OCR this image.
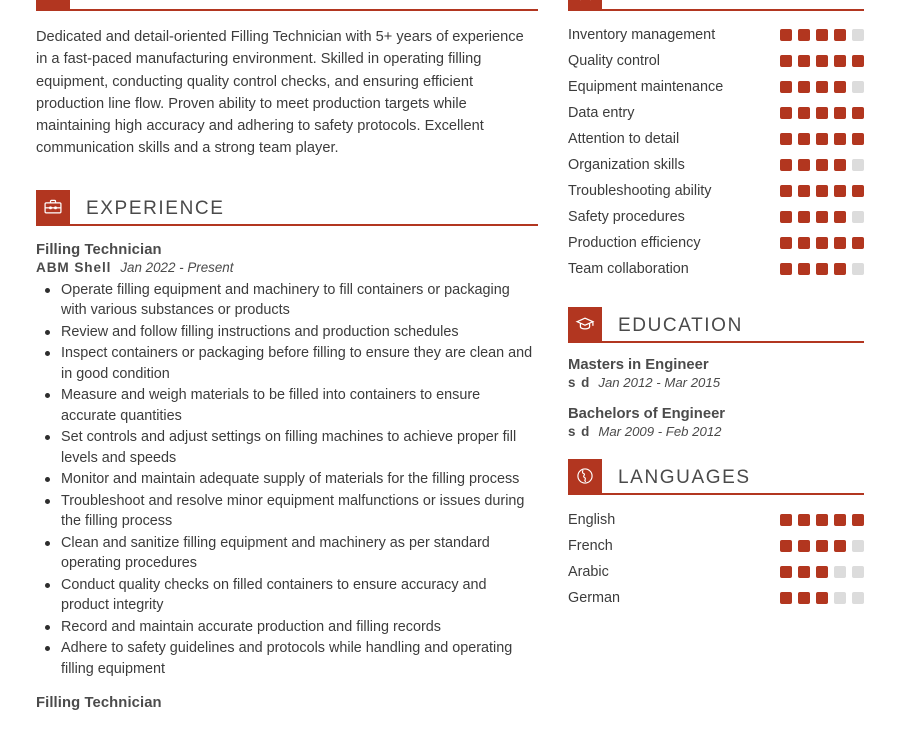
Dedicated and detail-oriented Filling Technician with 5+ years of experience in a fast-paced manufacturing environment. Skilled in operating filling equipment, conducting quality control checks, and ensuring efficient production line flow. Proven ability to meet production targets while maintaining high accuracy and adhering to safety protocols. Excellent communication skills and a strong team player.

EXPERIENCE
Filling Technician
ABM Shell Jan 2022 - Present
Operate filling equipment and machinery to fill containers or packaging with various substances or products
Review and follow filling instructions and production schedules
Inspect containers or packaging before filling to ensure they are clean and in good condition
Measure and weigh materials to be filled into containers to ensure accurate quantities
Set controls and adjust settings on filling machines to achieve proper fill levels and speeds
Monitor and maintain adequate supply of materials for the filling process
Troubleshoot and resolve minor equipment malfunctions or issues during the filling process
Clean and sanitize filling equipment and machinery as per standard operating procedures
Conduct quality checks on filled containers to ensure accuracy and product integrity
Record and maintain accurate production and filling records
Adhere to safety guidelines and protocols while handling and operating filling equipment
Filling Technician
Inventory management
Quality control
Equipment maintenance
Data entry
Attention to detail
Organization skills
Troubleshooting ability
Safety procedures
Production efficiency
Team collaboration
EDUCATION
Masters in Engineer
s d Jan 2012 - Mar 2015
Bachelors of Engineer
s d Mar 2009 - Feb 2012
LANGUAGES
English
French
Arabic
German
